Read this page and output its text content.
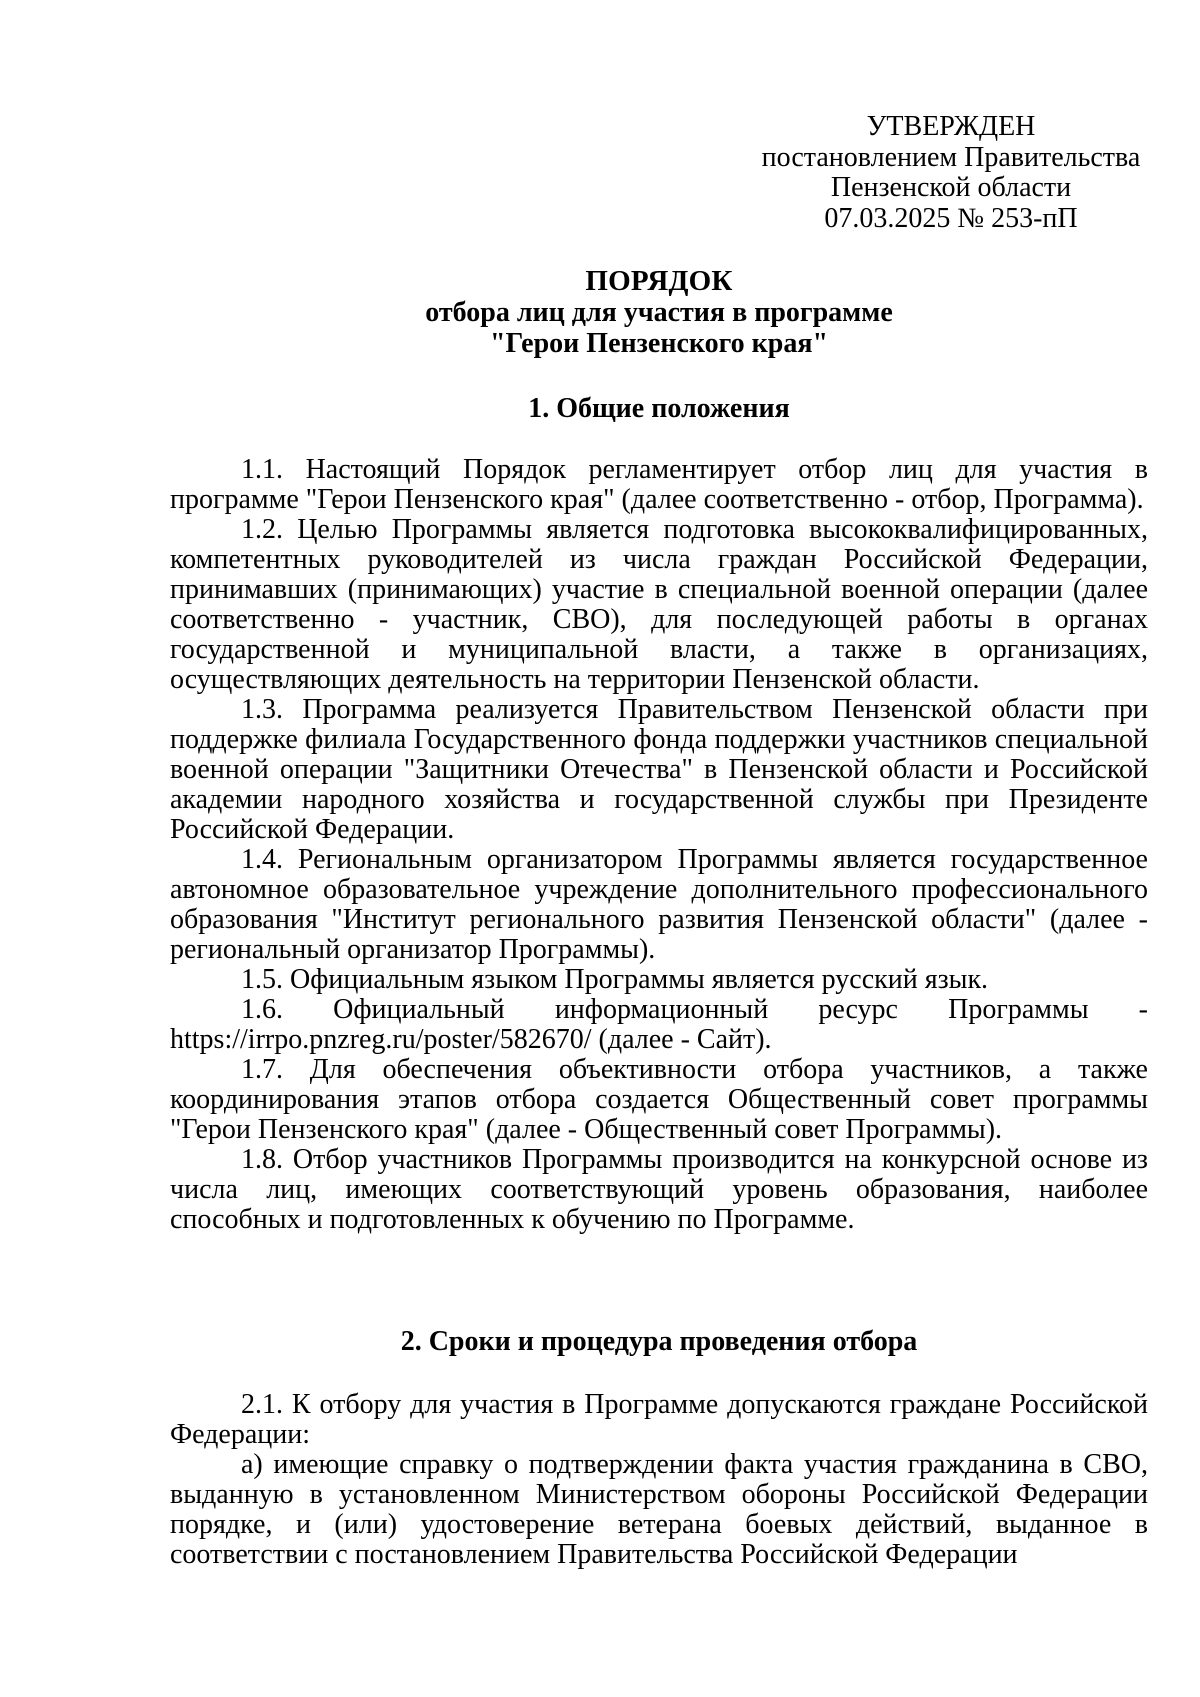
УТВЕРЖДЕН
постановлением Правительства
Пензенской области
07.03.2025 № 253-пП
ПОРЯДОК
отбора лиц для участия в программе
"Герои Пензенского края"
1. Общие положения

1.1. Настоящий Порядок регламентирует отбор лиц для участия в программе "Герои Пензенского края" (далее соответственно - отбор, Программа).

1.2. Целью Программы является подготовка высококвалифицированных, компетентных руководителей из числа граждан Российской Федерации, принимавших (принимающих) участие в специальной военной операции (далее соответственно - участник, СВО), для последующей работы в органах государственной и муниципальной власти, а также в организациях, осуществляющих деятельность на территории Пензенской области.

1.3. Программа реализуется Правительством Пензенской области при поддержке филиала Государственного фонда поддержки участников специальной военной операции "Защитники Отечества" в Пензенской области и Российской академии народного хозяйства и государственной службы при Президенте Российской Федерации.

1.4. Региональным организатором Программы является государственное автономное образовательное учреждение дополнительного профессионального образования "Институт регионального развития Пензенской области" (далее - региональный организатор Программы).

1.5. Официальным языком Программы является русский язык.

1.6. Официальный информационный ресурс Программы - https://irrpo.pnzreg.ru/poster/582670/ (далее - Сайт).

1.7. Для обеспечения объективности отбора участников, а также координирования этапов отбора создается Общественный совет программы "Герои Пензенского края" (далее - Общественный совет Программы).

1.8. Отбор участников Программы производится на конкурсной основе из числа лиц, имеющих соответствующий уровень образования, наиболее способных и подготовленных к обучению по Программе.

2. Сроки и процедура проведения отбора

2.1. К отбору для участия в Программе допускаются граждане Российской Федерации:

а) имеющие справку о подтверждении факта участия гражданина в СВО, выданную в установленном Министерством обороны Российской Федерации порядке, и (или) удостоверение ветерана боевых действий, выданное в соответствии с постановлением Правительства Российской Федерации
